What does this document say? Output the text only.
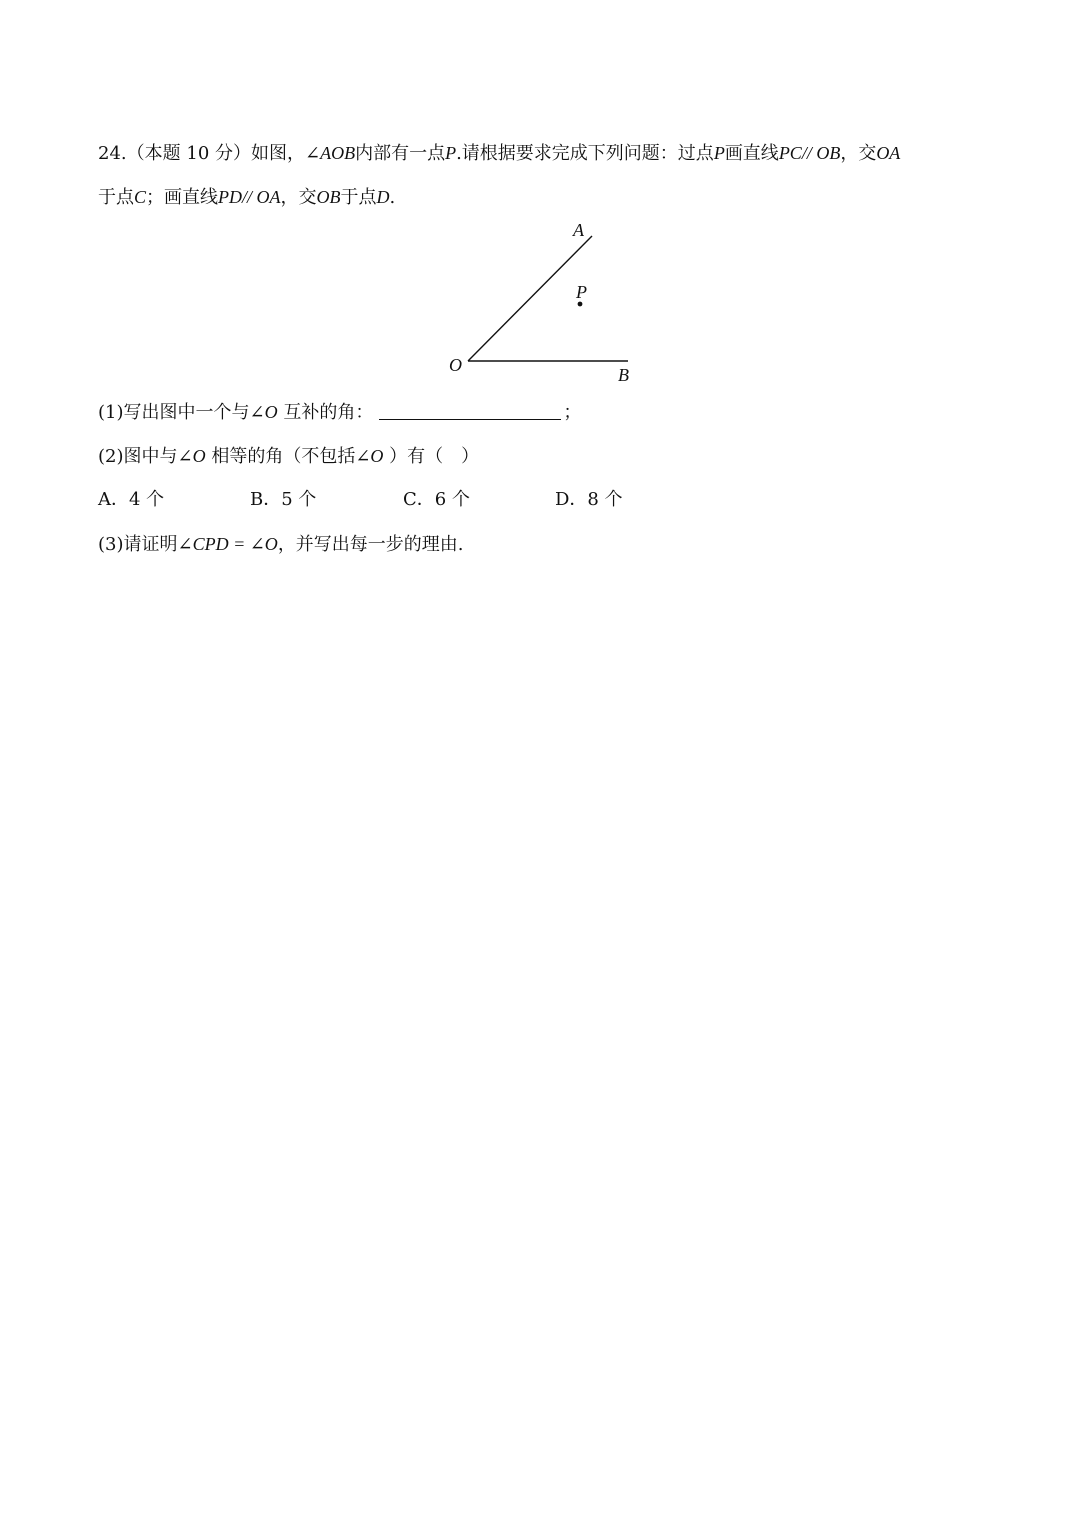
24.（本题 10 分）如图，∠AOB内部有一点P.请根据要求完成下列问题：过点P画直线PC// OB，交OA
于点C；画直线PD// OA，交OB于点D.
A
P
O	B
(1)写出图中一个与∠O 互补的角：	；
(2)图中与∠O 相等的角（不包括∠O ）有（　）
A．4 个	B．5 个	C．6 个	D．8 个
(3)请证明∠CPD = ∠O，并写出每一步的理由.
